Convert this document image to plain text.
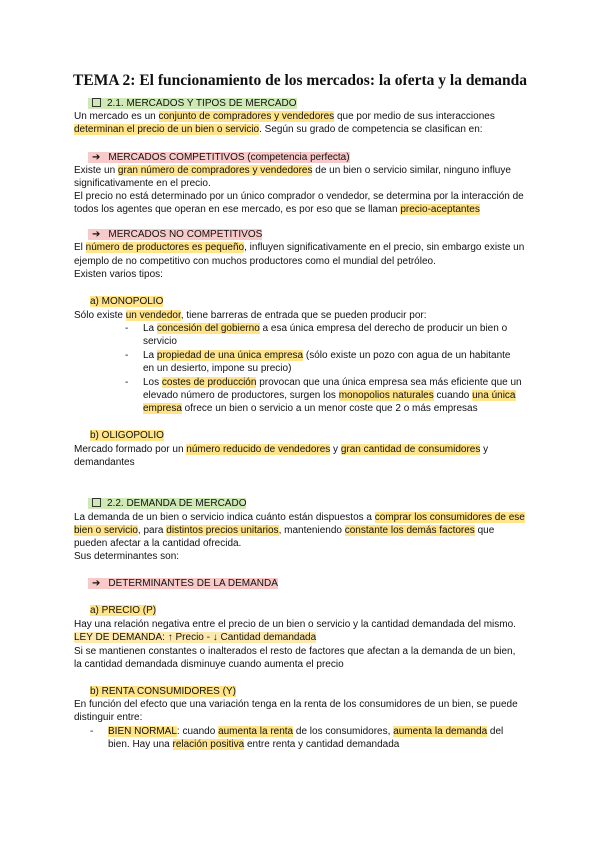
TEMA 2: El funcionamiento de los mercados: la oferta y la demanda
2.1. MERCADOS Y TIPOS DE MERCADO
Un mercado es un conjunto de compradores y vendedores que por medio de sus interacciones
determinan el precio de un bien o servicio. Según su grado de competencia se clasifican en:
➔ MERCADOS COMPETITIVOS (competencia perfecta)
Existe un gran número de compradores y vendedores de un bien o servicio similar, ninguno influye
significativamente en el precio.
El precio no está determinado por un único comprador o vendedor, se determina por la interacción de
todos los agentes que operan en ese mercado, es por eso que se llaman precio-aceptantes
➔ MERCADOS NO COMPETITIVOS
El número de productores es pequeño, influyen significativamente en el precio, sin embargo existe un
ejemplo de no competitivo con muchos productores como el mundial del petróleo.
Existen varios tipos:
a) MONOPOLIO
Sólo existe un vendedor, tiene barreras de entrada que se pueden producir por:
- La concesión del gobierno a esa única empresa del derecho de producir un bien o
servicio
- La propiedad de una única empresa (sólo existe un pozo con agua de un habitante
en un desierto, impone su precio)
- Los costes de producción provocan que una única empresa sea más eficiente que un
elevado número de productores, surgen los monopolios naturales cuando una única
empresa ofrece un bien o servicio a un menor coste que 2 o más empresas
b) OLIGOPOLIO
Mercado formado por un número reducido de vendedores y gran cantidad de consumidores y
demandantes
2.2. DEMANDA DE MERCADO
La demanda de un bien o servicio indica cuánto están dispuestos a comprar los consumidores de ese
bien o servicio, para distintos precios unitarios, manteniendo constante los demás factores que
pueden afectar a la cantidad ofrecida.
Sus determinantes son:
➔ DETERMINANTES DE LA DEMANDA
a) PRECIO (P)
Hay una relación negativa entre el precio de un bien o servicio y la cantidad demandada del mismo.
LEY DE DEMANDA: ↑ Precio - ↓ Cantidad demandada
Si se mantienen constantes o inalterados el resto de factores que afectan a la demanda de un bien,
la cantidad demandada disminuye cuando aumenta el precio
b) RENTA CONSUMIDORES (Y)
En función del efecto que una variación tenga en la renta de los consumidores de un bien, se puede
distinguir entre:
- BIEN NORMAL: cuando aumenta la renta de los consumidores, aumenta la demanda del
bien. Hay una relación positiva entre renta y cantidad demandada
